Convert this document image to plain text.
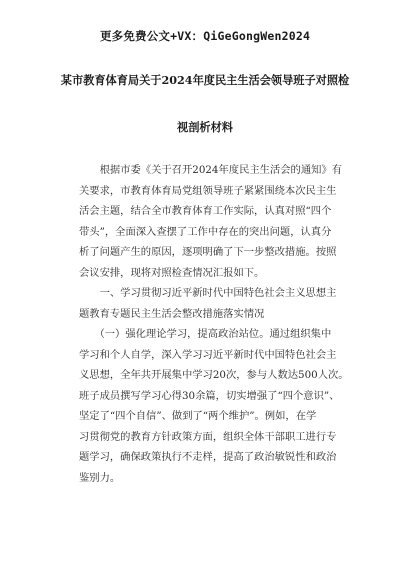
更多免费公文+VX：QiGeGongWen2024
某市教育体育局关于2024年度民主生活会领导班子对照检
视剖析材料
　　根据市委《关于召开2024年度民主生活会的通知》有
关要求，市教育体育局党组领导班子紧紧围绕本次民主生
活会主题，结合全市教育体育工作实际，认真对照“四个
带头”，全面深入查摆了工作中存在的突出问题，认真分
析了问题产生的原因，逐项明确了下一步整改措施。按照
会议安排，现将对照检查情况汇报如下。
　　一、学习贯彻习近平新时代中国特色社会主义思想主
题教育专题民主生活会整改措施落实情况
　　（一）强化理论学习，提高政治站位。通过组织集中
学习和个人自学，深入学习习近平新时代中国特色社会主
义思想，全年共开展集中学习20次，参与人数达500人次。
班子成员撰写学习心得30余篇，切实增强了“四个意识”、
坚定了“四个自信”、做到了“两个维护”。例如，在学
习贯彻党的教育方针政策方面，组织全体干部职工进行专
题学习，确保政策执行不走样，提高了政治敏锐性和政治
鉴别力。
